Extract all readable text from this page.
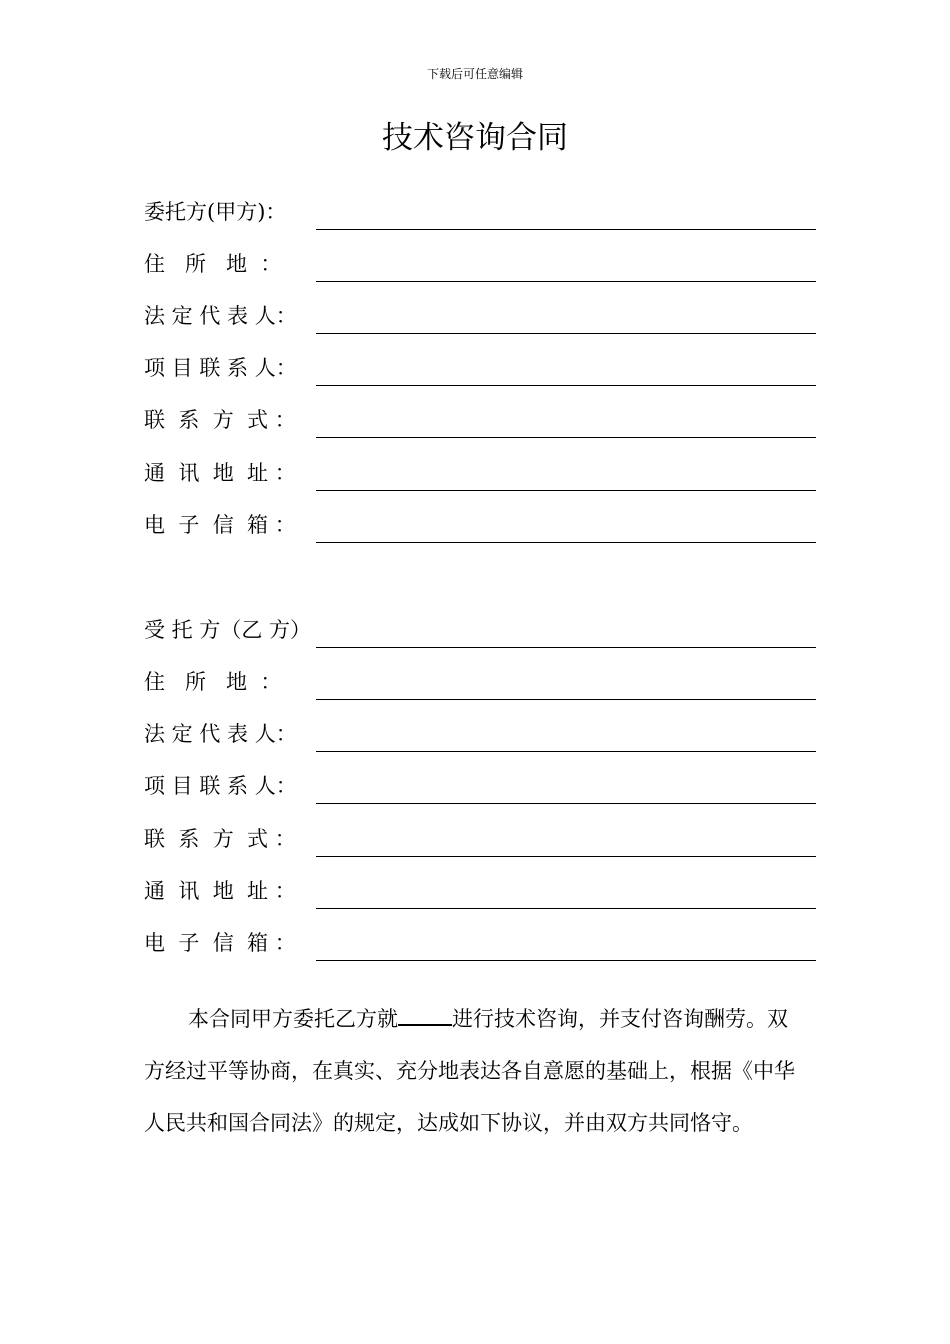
下载后可任意编辑
技术咨询合同
委托方(甲方)：
住   所   地  ：
法 定 代 表 人：
项 目 联 系 人：
联  系  方  式 ：
通  讯  地  址 ：
电  子  信  箱 ：
受 托 方（乙 方）
住   所   地  ：
法 定 代 表 人：
项 目 联 系 人：
联  系  方  式 ：
通  讯  地  址 ：
电  子  信  箱 ：
本合同甲方委托乙方就	进行技术咨询，并支付咨询酬劳。双方经过平等协商，在真实、充分地表达各自意愿的基础上，根据《中华人民共和国合同法》的规定，达成如下协议，并由双方共同恪守。
